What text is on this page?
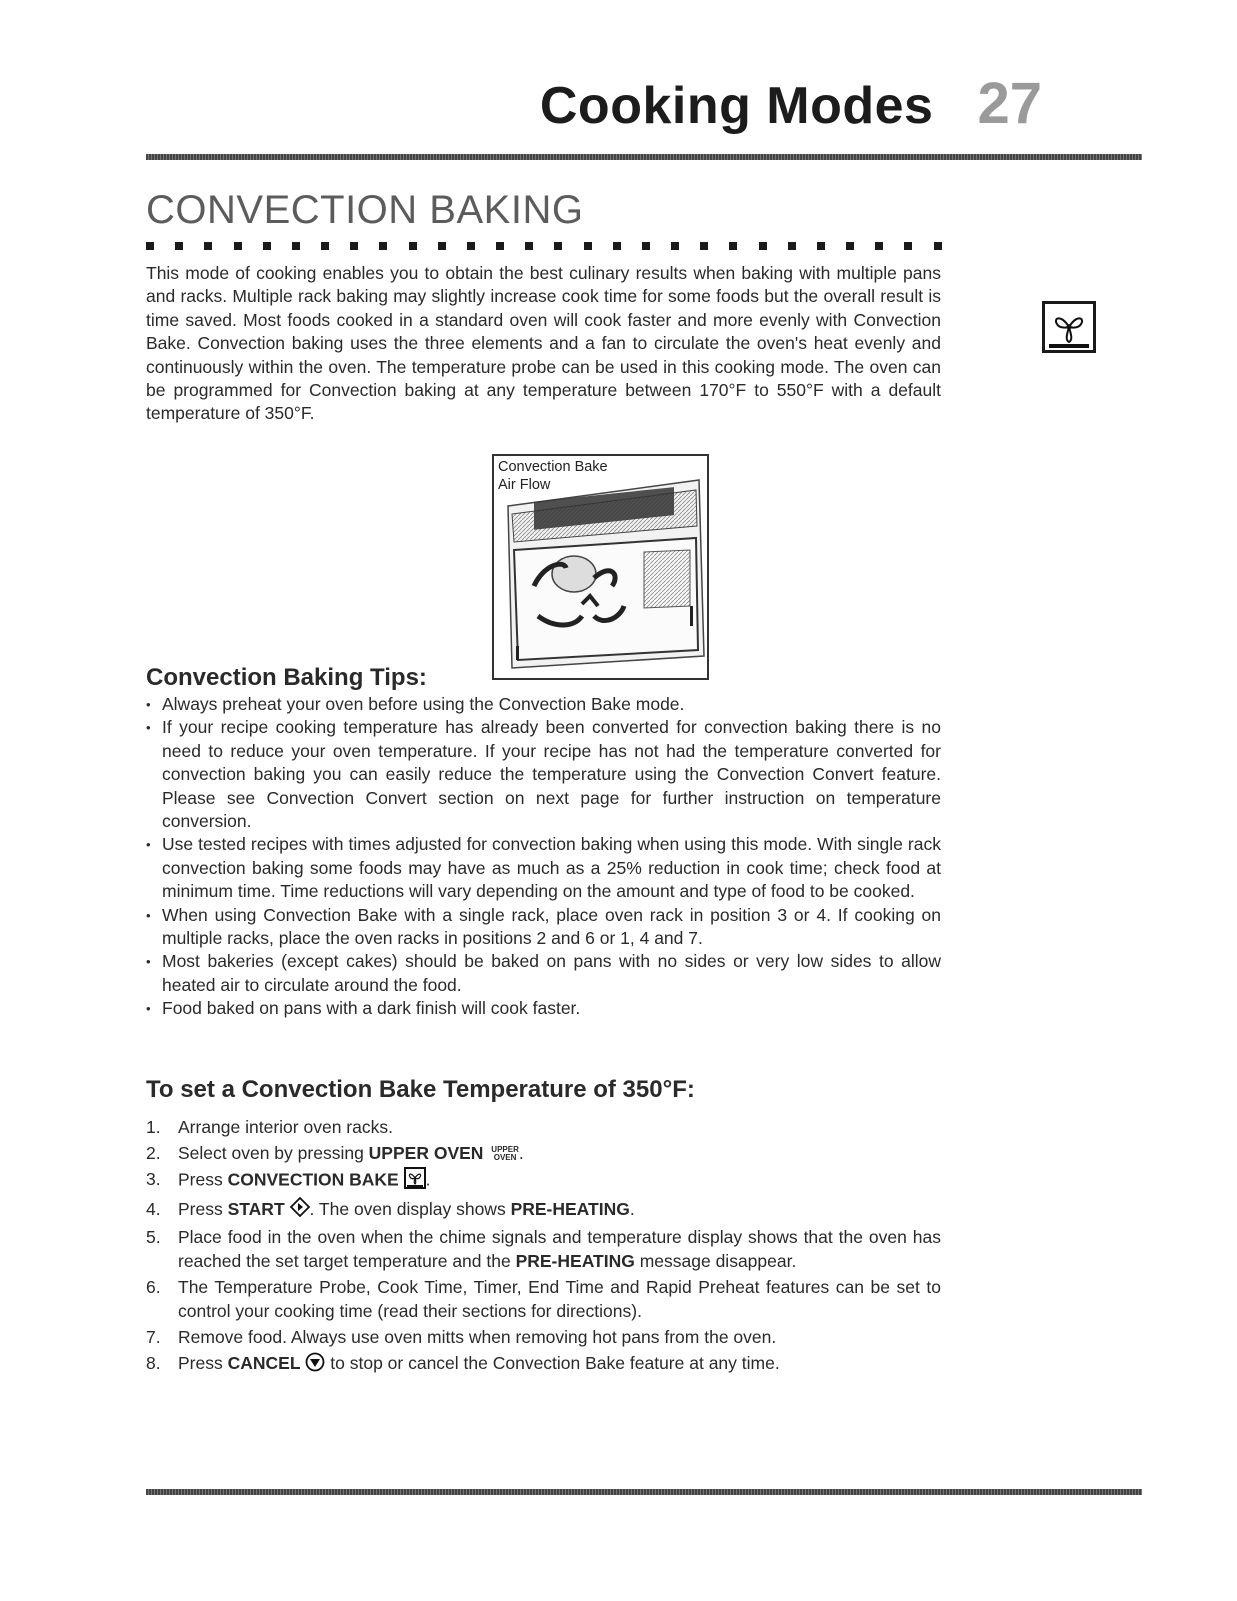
Cooking Modes 27
CONVECTION BAKING

This mode of cooking enables you to obtain the best culinary results when baking with multiple pans and racks. Multiple rack baking may slightly increase cook time for some foods but the overall result is time saved. Most foods cooked in a standard oven will cook faster and more evenly with Convection Bake. Convection baking uses the three elements and a fan to circulate the oven's heat evenly and continuously within the oven. The temperature probe can be used in this cooking mode. The oven can be programmed for Convection baking at any temperature between 170°F to 550°F with a default temperature of 350°F.

Convection Bake
Air Flow
Convection Baking Tips:
• Always preheat your oven before using the Convection Bake mode.
• If your recipe cooking temperature has already been converted for convection baking there is no need to reduce your oven temperature. If your recipe has not had the temperature converted for convection baking you can easily reduce the temperature using the Convection Convert feature. Please see Convection Convert section on next page for further instruction on temperature conversion.
• Use tested recipes with times adjusted for convection baking when using this mode. With single rack convection baking some foods may have as much as a 25% reduction in cook time; check food at minimum time. Time reductions will vary depending on the amount and type of food to be cooked.
• When using Convection Bake with a single rack, place oven rack in position 3 or 4. If cooking on multiple racks, place the oven racks in positions 2 and 6 or 1, 4 and 7.
• Most bakeries (except cakes) should be baked on pans with no sides or very low sides to allow heated air to circulate around the food.
• Food baked on pans with a dark finish will cook faster.
To set a Convection Bake Temperature of 350°F:
1. Arrange interior oven racks.
2. Select oven by pressing UPPER OVEN UPPER
OVEN .
3. Press CONVECTION BAKE .
4. Press START . The oven display shows PRE-HEATING.
5. Place food in the oven when the chime signals and temperature display shows that the oven has reached the set target temperature and the PRE-HEATING message disappear.
6. The Temperature Probe, Cook Time, Timer, End Time and Rapid Preheat features can be set to control your cooking time (read their sections for directions).
7. Remove food. Always use oven mitts when removing hot pans from the oven.
8. Press CANCEL  to stop or cancel the Convection Bake feature at any time.
